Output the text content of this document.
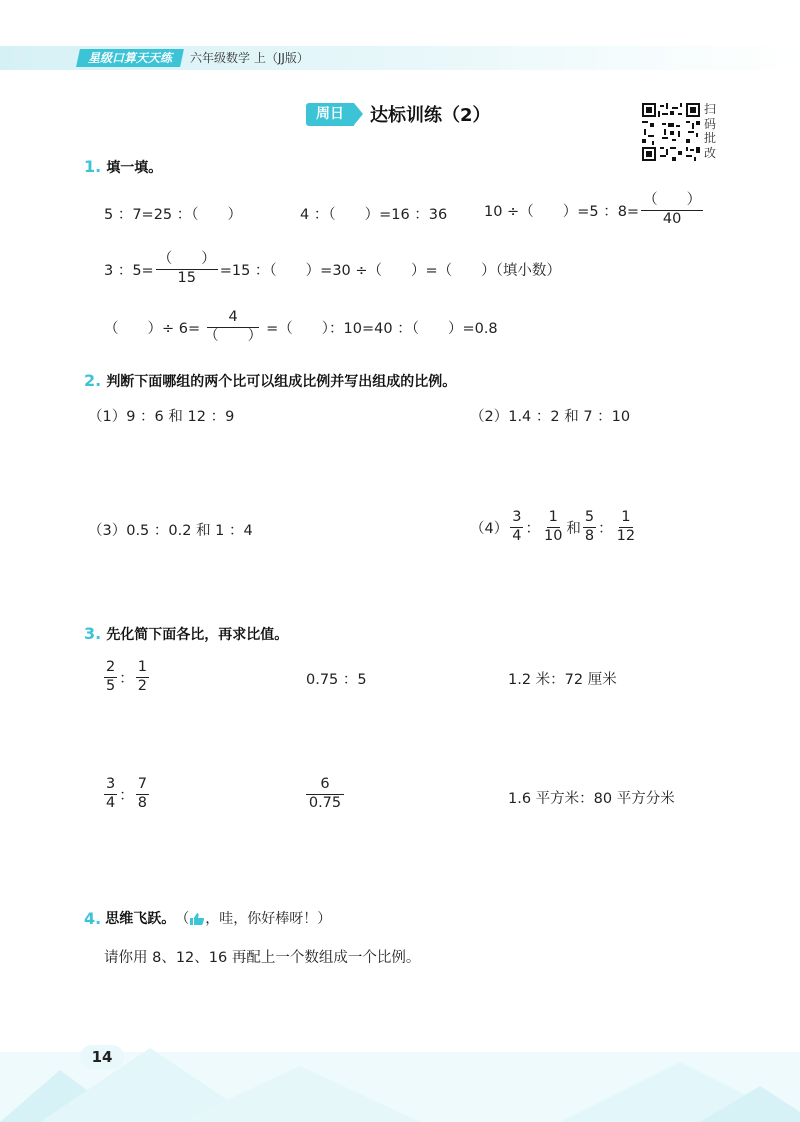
星级口算天天练	六年级数学 上（JJ版）
周日	达标训练（2）	扫码批改
1. 填一填。
5 ：7=25 ：（　　）	4 ：（　　）=16 ：36	10 ÷（　　）=5 ：$8= \frac{( )}{40}$
3 ：$5= \frac{( )}{15} =15$ ：（　　）=30 ÷（　　）=（　　）（填小数）
（　　）÷ $6= \frac{4}{( )}$ =（　　）：10=40 ：（　　）=0.8
2. 判断下面哪组的两个比可以组成比例并写出组成的比例。
（1）9 ：6 和 12 ：9	（2）1.4 ：2 和 7 ：10
（3）0.5 ：0.2 和 1 ：4	$(4) \frac{3}{4}$ ： $\frac{1}{10}$ 和 $\frac{5}{8}$ ： $\frac{1}{12}$
3. 先化简下面各比，再求比值。
$\frac{2}{5}$ ： $\frac{1}{2}$	0.75 ：5	1.2 米：72 厘米
$\frac{3}{4}$ ： $\frac{7}{8}$	$\frac{6}{0.75}$	1.6 平方米：80 平方分米
4. 思维飞跃。 （ ，哇，你好棒呀！）
请你用 8、12、16 再配上一个数组成一个比例。
14
